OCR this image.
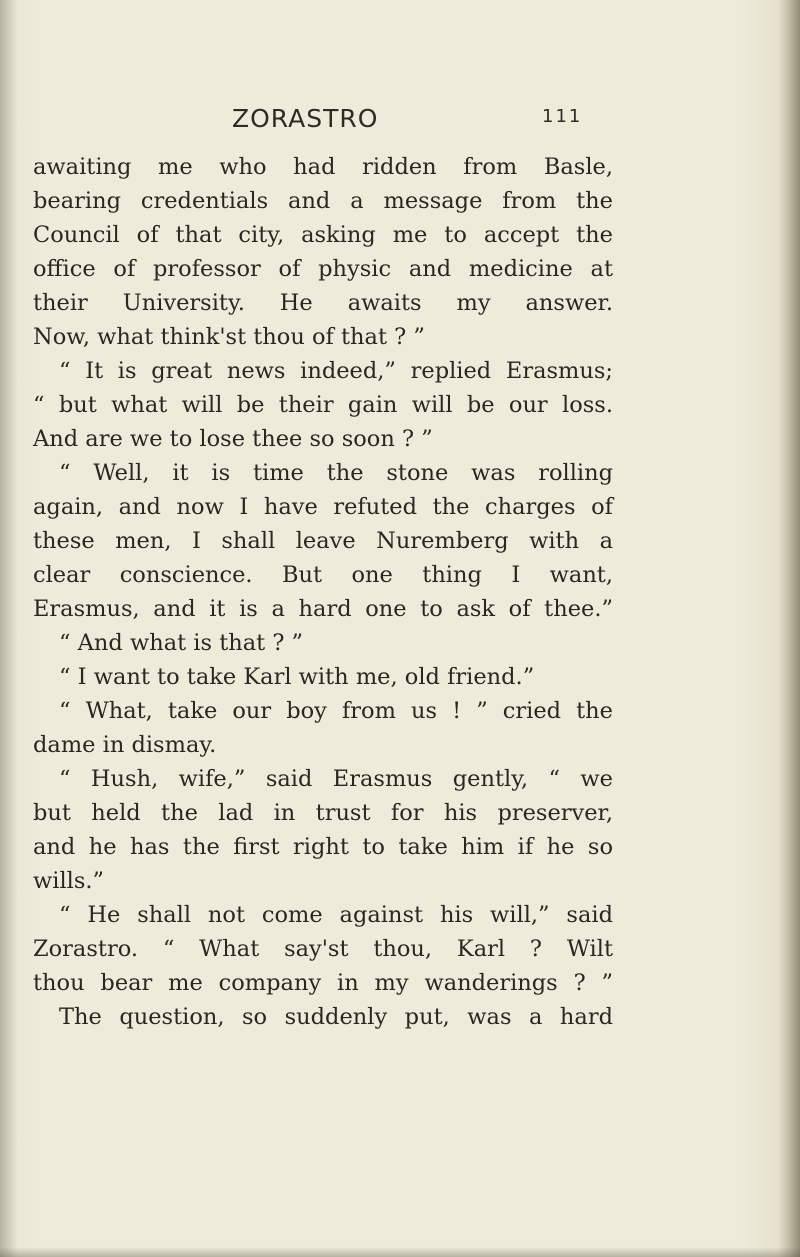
ZORASTRO	111
awaiting me who had ridden from Basle,
bearing credentials and a message from the
Council of that city, asking me to accept the
office of professor of physic and medicine at
their University. He awaits my answer.
Now, what think'st thou of that ? ”
“ It is great news indeed,” replied Erasmus;
“ but what will be their gain will be our loss.
And are we to lose thee so soon ? ”
“ Well, it is time the stone was rolling
again, and now I have refuted the charges of
these men, I shall leave Nuremberg with a
clear conscience. But one thing I want,
Erasmus, and it is a hard one to ask of thee.”
“ And what is that ? ”
“ I want to take Karl with me, old friend.”
“ What, take our boy from us ! ” cried the
dame in dismay.
“ Hush, wife,” said Erasmus gently, “ we
but held the lad in trust for his preserver,
and he has the first right to take him if he so
wills.”
“ He shall not come against his will,” said
Zorastro. “ What say'st thou, Karl ? Wilt
thou bear me company in my wanderings ? ”
The question, so suddenly put, was a hard
